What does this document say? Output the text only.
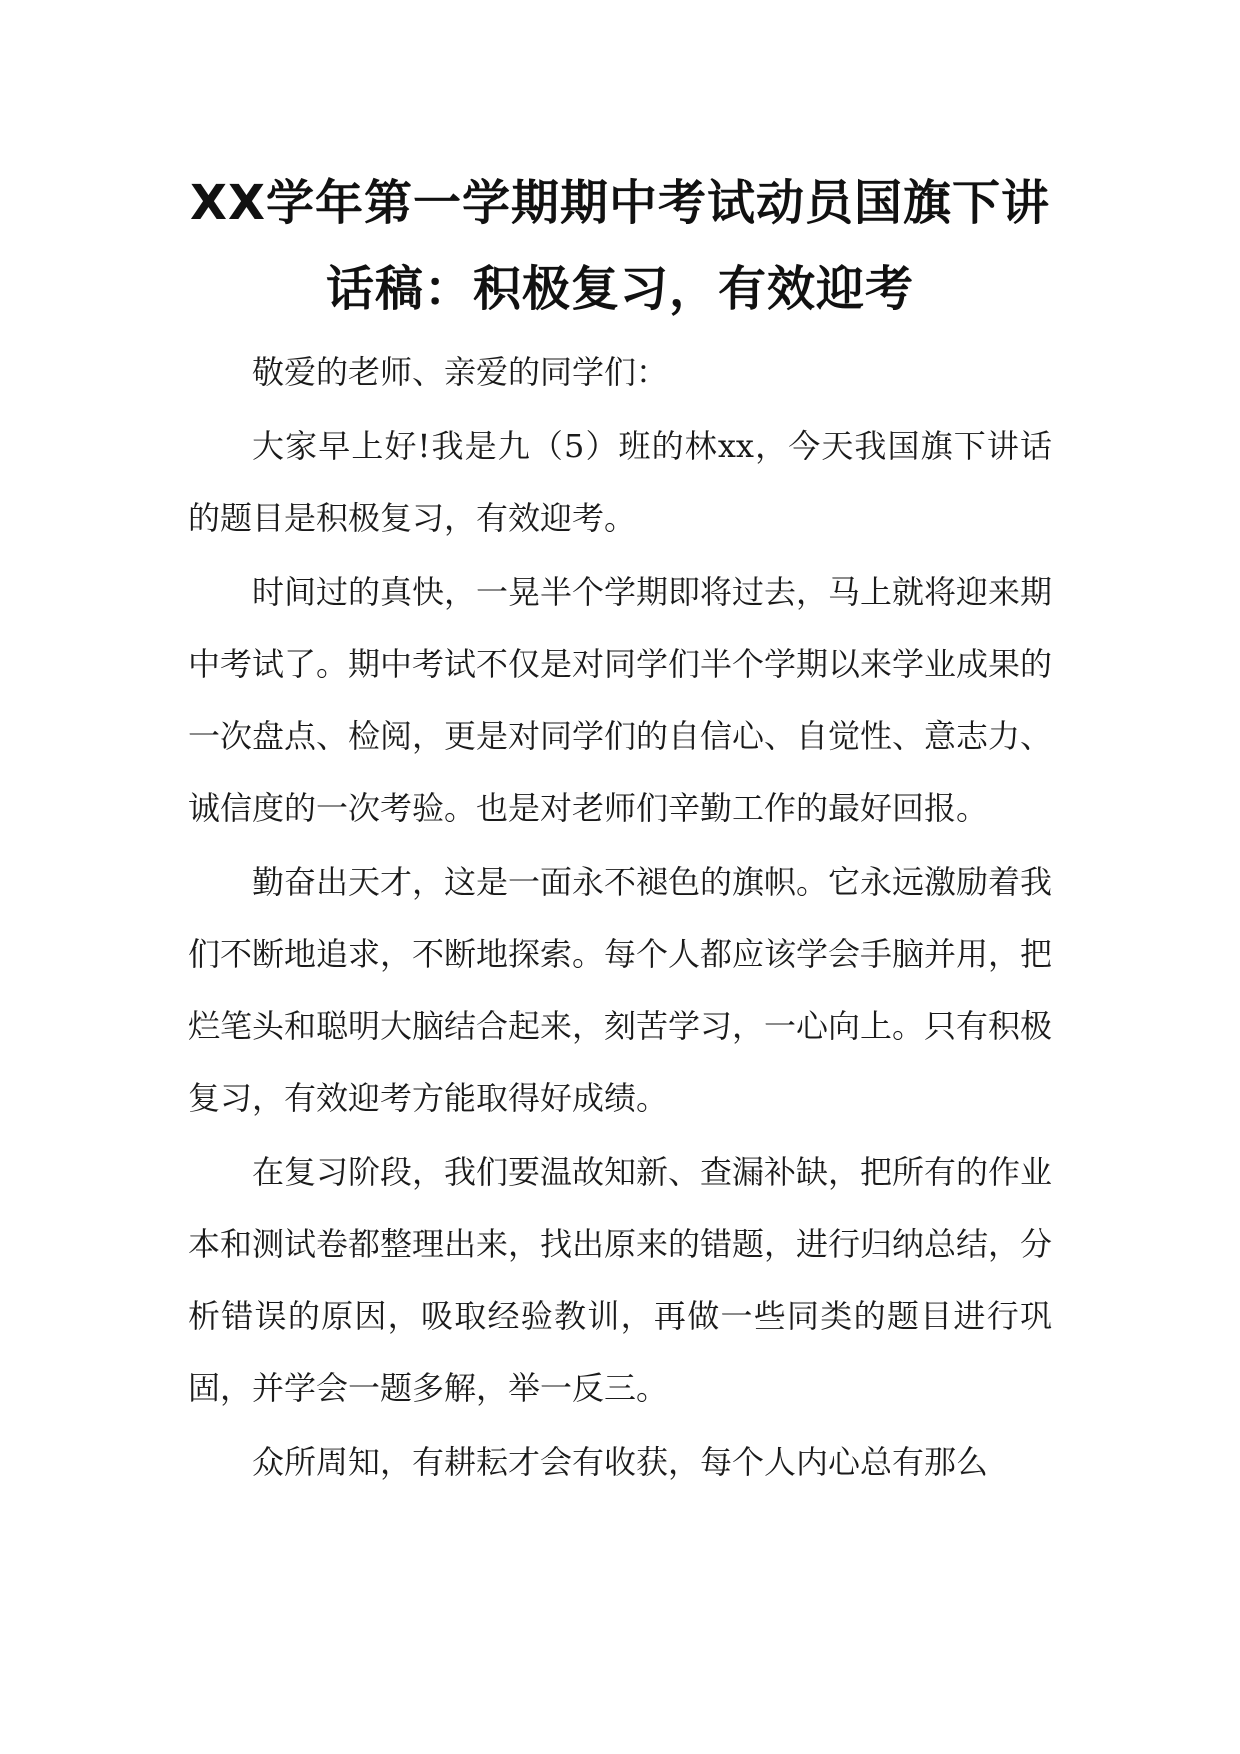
XX学年第一学期期中考试动员国旗下讲话稿：积极复习，有效迎考

敬爱的老师、亲爱的同学们：

大家早上好!我是九（5）班的林xx，今天我国旗下讲话的题目是积极复习，有效迎考。

时间过的真快，一晃半个学期即将过去，马上就将迎来期中考试了。期中考试不仅是对同学们半个学期以来学业成果的一次盘点、检阅，更是对同学们的自信心、自觉性、意志力、诚信度的一次考验。也是对老师们辛勤工作的最好回报。

勤奋出天才，这是一面永不褪色的旗帜。它永远激励着我们不断地追求，不断地探索。每个人都应该学会手脑并用，把烂笔头和聪明大脑结合起来，刻苦学习，一心向上。只有积极复习，有效迎考方能取得好成绩。

在复习阶段，我们要温故知新、查漏补缺，把所有的作业本和测试卷都整理出来，找出原来的错题，进行归纳总结，分析错误的原因，吸取经验教训，再做一些同类的题目进行巩固，并学会一题多解，举一反三。

众所周知，有耕耘才会有收获，每个人内心总有那么
